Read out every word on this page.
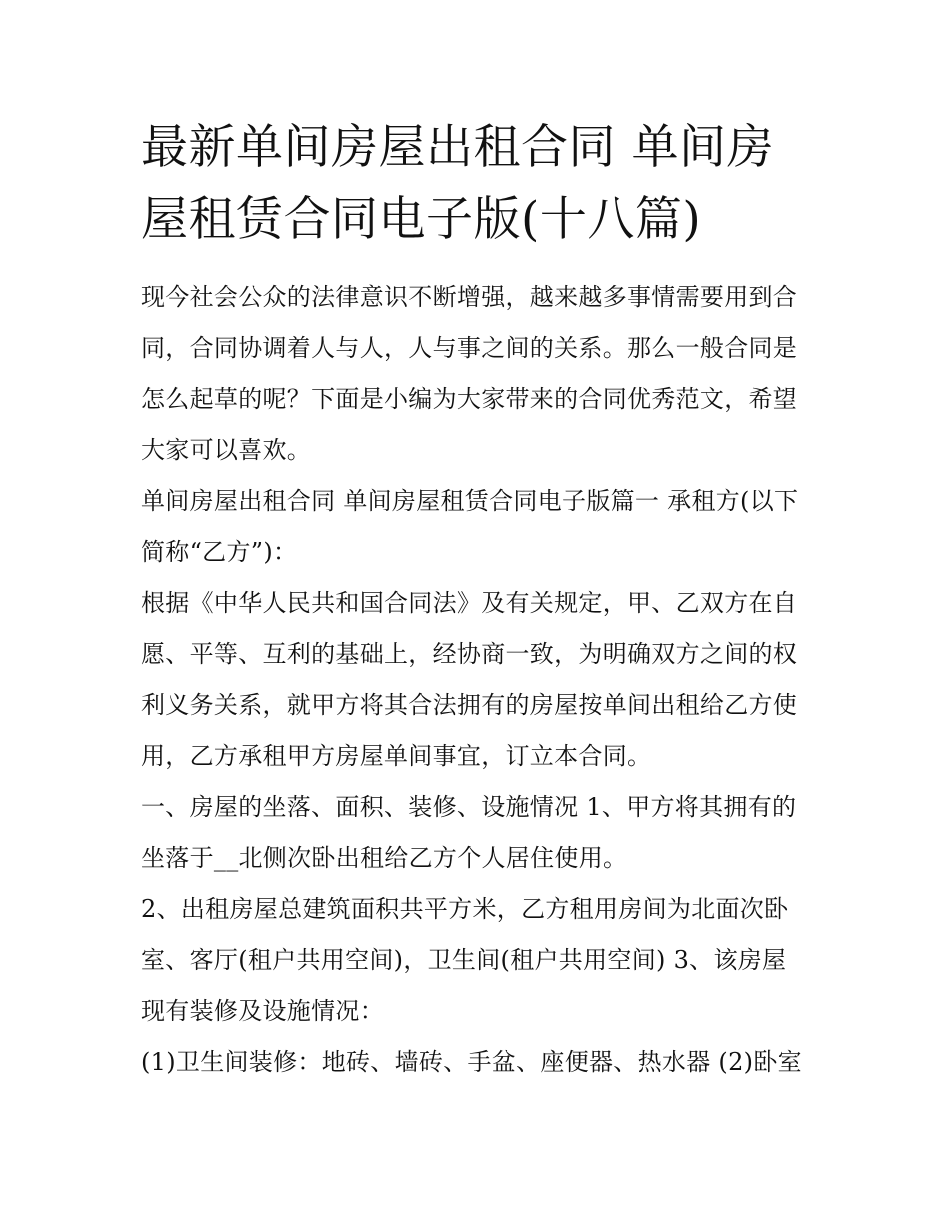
最新单间房屋出租合同 单间房
屋租赁合同电子版(十八篇)
现今社会公众的法律意识不断增强，越来越多事情需要用到合
同，合同协调着人与人，人与事之间的关系。那么一般合同是
怎么起草的呢？下面是小编为大家带来的合同优秀范文，希望
大家可以喜欢。
单间房屋出租合同 单间房屋租赁合同电子版篇一 承租方(以下
简称“乙方”)：
根据《中华人民共和国合同法》及有关规定，甲、乙双方在自
愿、平等、互利的基础上，经协商一致，为明确双方之间的权
利义务关系，就甲方将其合法拥有的房屋按单间出租给乙方使
用，乙方承租甲方房屋单间事宜，订立本合同。
一、房屋的坐落、面积、装修、设施情况 1、甲方将其拥有的
坐落于__北侧次卧出租给乙方个人居住使用。
2、出租房屋总建筑面积共平方米，乙方租用房间为北面次卧
室、客厅(租户共用空间)，卫生间(租户共用空间) 3、该房屋
现有装修及设施情况：
(1)卫生间装修：地砖、墙砖、手盆、座便器、热水器 (2)卧室
